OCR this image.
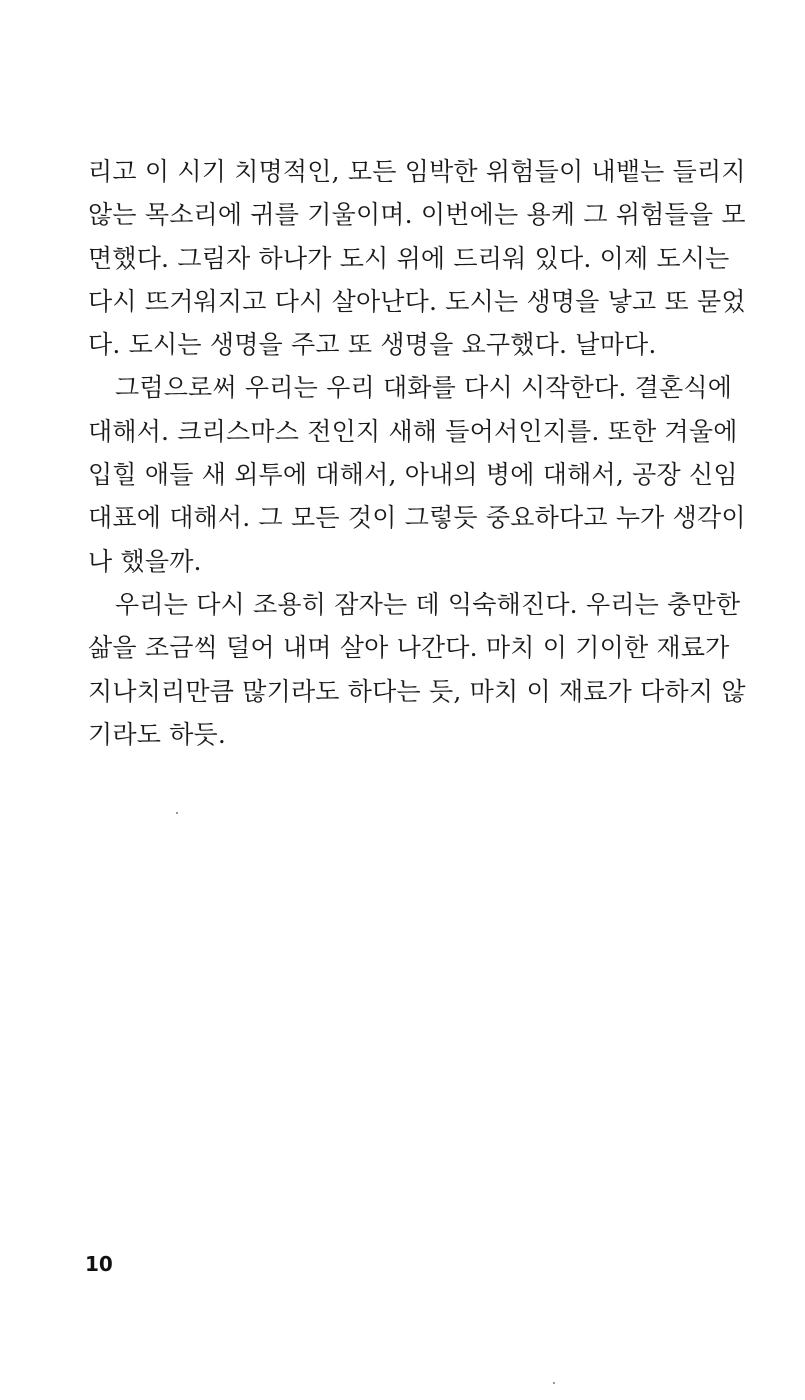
리고 이 시기 치명적인, 모든 임박한 위험들이 내뱉는 들리지
않는 목소리에 귀를 기울이며. 이번에는 용케 그 위험들을 모
면했다. 그림자 하나가 도시 위에 드리워 있다. 이제 도시는
다시 뜨거워지고 다시 살아난다. 도시는 생명을 낳고 또 묻었
다. 도시는 생명을 주고 또 생명을 요구했다. 날마다.
그럼으로써 우리는 우리 대화를 다시 시작한다. 결혼식에
대해서. 크리스마스 전인지 새해 들어서인지를. 또한 겨울에
입힐 애들 새 외투에 대해서, 아내의 병에 대해서, 공장 신임
대표에 대해서. 그 모든 것이 그렇듯 중요하다고 누가 생각이
나 했을까.
우리는 다시 조용히 잠자는 데 익숙해진다. 우리는 충만한
삶을 조금씩 덜어 내며 살아 나간다. 마치 이 기이한 재료가
지나치리만큼 많기라도 하다는 듯, 마치 이 재료가 다하지 않
기라도 하듯.
10
